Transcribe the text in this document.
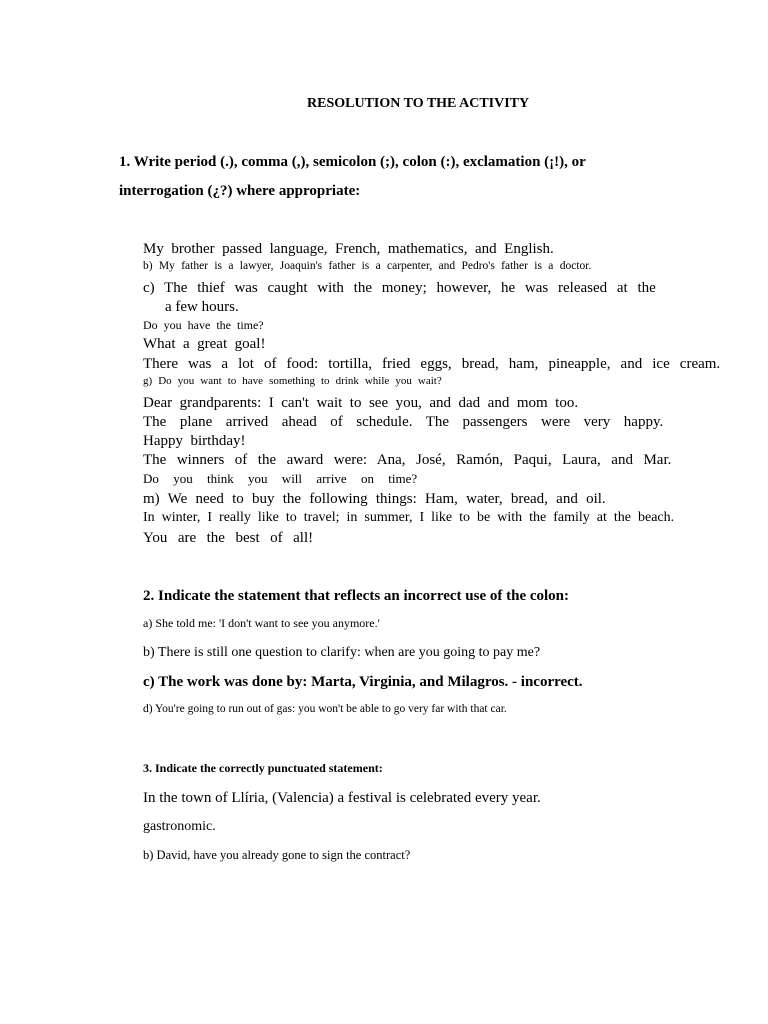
RESOLUTION TO THE ACTIVITY
1. Write period (.), comma (,), semicolon (;), colon (:), exclamation (¡!), or
interrogation (¿?) where appropriate:
My brother passed language, French, mathematics, and English.
b) My father is a lawyer, Joaquin's father is a carpenter, and Pedro's father is a doctor.
c) The thief was caught with the money; however, he was released at the
a few hours.
Do you have the time?
What a great goal!
There was a lot of food: tortilla, fried eggs, bread, ham, pineapple, and ice cream.
g) Do you want to have something to drink while you wait?
Dear grandparents: I can't wait to see you, and dad and mom too.
The plane arrived ahead of schedule. The passengers were very happy.
Happy birthday!
The winners of the award were: Ana, José, Ramón, Paqui, Laura, and Mar.
Do you think you will arrive on time?
m) We need to buy the following things: Ham, water, bread, and oil.
In winter, I really like to travel; in summer, I like to be with the family at the beach.
You are the best of all!
2. Indicate the statement that reflects an incorrect use of the colon:
a) She told me: 'I don't want to see you anymore.'
b) There is still one question to clarify: when are you going to pay me?
c) The work was done by: Marta, Virginia, and Milagros. - incorrect.
d) You're going to run out of gas: you won't be able to go very far with that car.
3. Indicate the correctly punctuated statement:
In the town of Llíria, (Valencia) a festival is celebrated every year.
gastronomic.
b) David, have you already gone to sign the contract?
